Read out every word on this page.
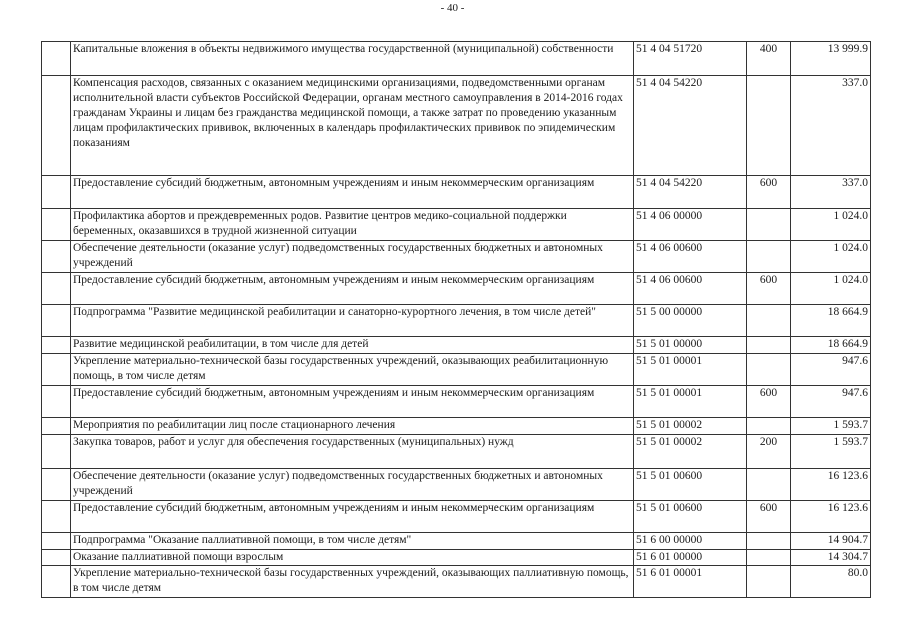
- 40 -
	Капитальные вложения в объекты недвижимого имущества государственной (муниципальной) собственности	51 4 04 51720	400	13 999.9
	Компенсация расходов, связанных с оказанием медицинскими организациями, подведомственными органам исполнительной власти субъектов Российской Федерации, органам местного самоуправления в 2014-2016 годах гражданам Украины и лицам без гражданства медицинской помощи, а также затрат по проведению указанным лицам профилактических прививок, включенных в календарь профилактических прививок по эпидемическим показаниям	51 4 04 54220		337.0
	Предоставление субсидий бюджетным, автономным учреждениям и иным некоммерческим организациям	51 4 04 54220	600	337.0
	Профилактика абортов и преждевременных родов. Развитие центров медико-социальной поддержки беременных, оказавшихся в трудной жизненной ситуации	51 4 06 00000		1 024.0
	Обеспечение деятельности (оказание услуг) подведомственных государственных бюджетных и автономных учреждений	51 4 06 00600		1 024.0
	Предоставление субсидий бюджетным, автономным учреждениям и иным некоммерческим организациям	51 4 06 00600	600	1 024.0
	Подпрограмма "Развитие медицинской реабилитации и санаторно-курортного лечения, в том числе детей"	51 5 00 00000		18 664.9
	Развитие медицинской реабилитации, в том числе для детей	51 5 01 00000		18 664.9
	Укрепление материально-технической базы государственных учреждений, оказывающих реабилитационную помощь, в том числе детям	51 5 01 00001		947.6
	Предоставление субсидий бюджетным, автономным учреждениям и иным некоммерческим организациям	51 5 01 00001	600	947.6
	Мероприятия по реабилитации лиц после стационарного лечения	51 5 01 00002		1 593.7
	Закупка товаров, работ и услуг для обеспечения государственных (муниципальных) нужд	51 5 01 00002	200	1 593.7
	Обеспечение деятельности (оказание услуг) подведомственных государственных бюджетных и автономных учреждений	51 5 01 00600		16 123.6
	Предоставление субсидий бюджетным, автономным учреждениям и иным некоммерческим организациям	51 5 01 00600	600	16 123.6
	Подпрограмма "Оказание паллиативной помощи, в том числе детям"	51 6 00 00000		14 904.7
	Оказание паллиативной помощи взрослым	51 6 01 00000		14 304.7
	Укрепление материально-технической базы государственных учреждений, оказывающих паллиативную помощь, в том числе детям	51 6 01 00001		80.0
